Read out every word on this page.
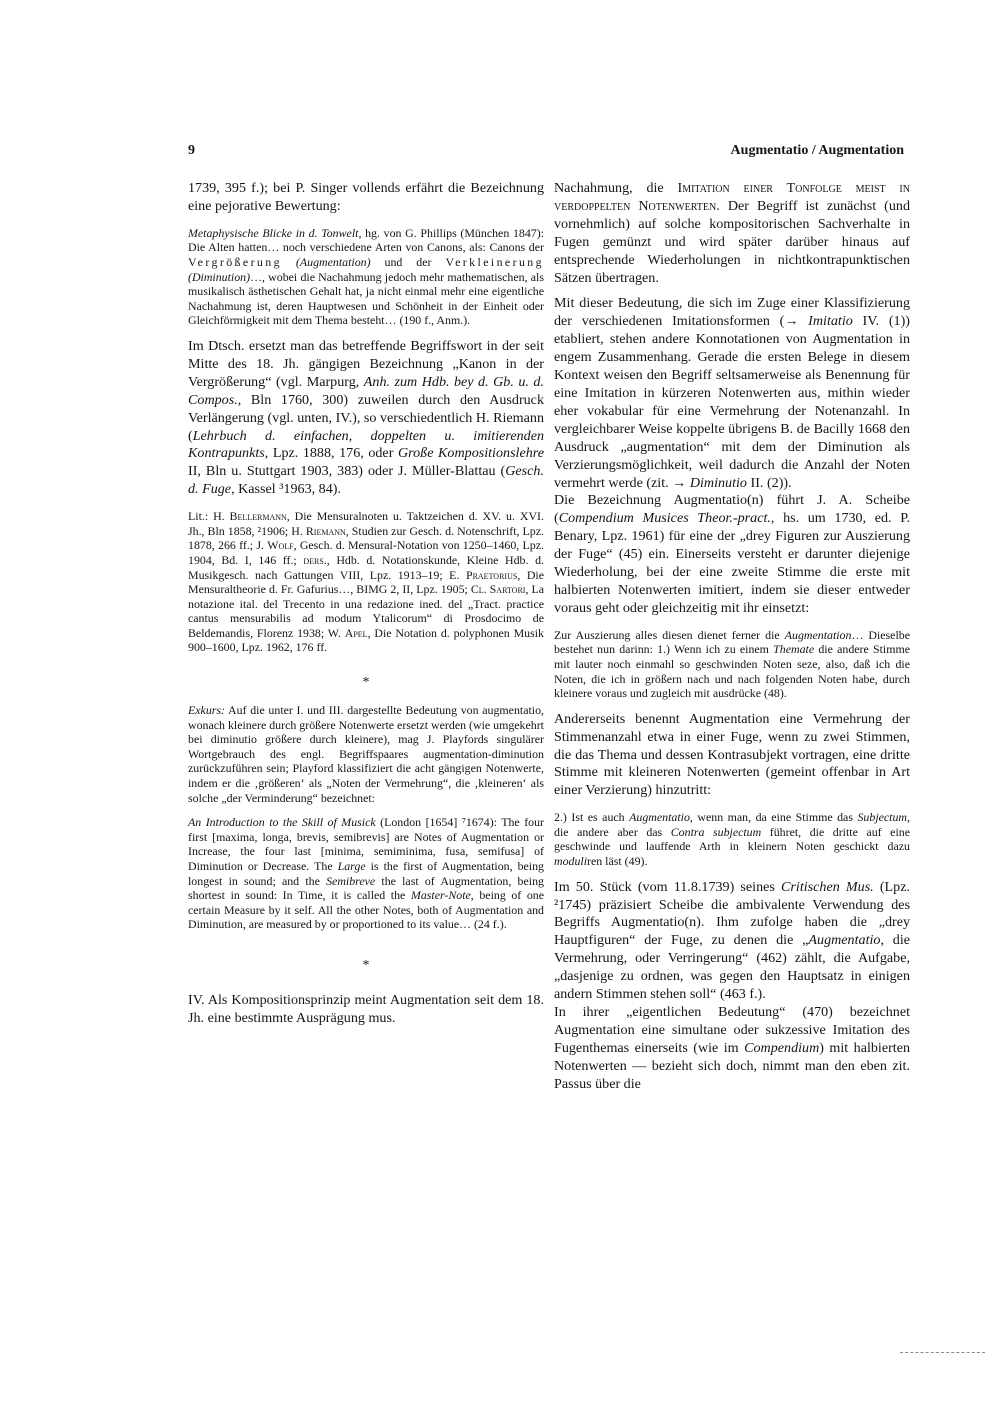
9	Augmentatio / Augmentation

1739, 395 f.); bei P. Singer vollends erfährt die Bezeichnung eine pejorative Bewertung:

Metaphysische Blicke in d. Tonwelt, hg. von G. Phillips (München 1847): Die Alten hatten… noch verschiedene Arten von Canons, als: Canons der Vergrößerung (Augmentation) und der Verkleinerung (Diminution)…, wobei die Nachahmung jedoch mehr mathematischen, als musikalisch ästhetischen Gehalt hat, ja nicht einmal mehr eine eigentliche Nachahmung ist, deren Hauptwesen und Schönheit in der Einheit oder Gleichförmigkeit mit dem Thema besteht… (190 f., Anm.).

Im Dtsch. ersetzt man das betreffende Begriffswort in der seit Mitte des 18. Jh. gängigen Bezeichnung „Kanon in der Vergrößerung“ (vgl. Marpurg, Anh. zum Hdb. bey d. Gb. u. d. Compos., Bln 1760, 300) zuweilen durch den Ausdruck Verlängerung (vgl. unten, IV.), so verschiedentlich H. Riemann (Lehrbuch d. einfachen, doppelten u. imitierenden Kontrapunkts, Lpz. 1888, 176, oder Große Kompositionslehre II, Bln u. Stuttgart 1903, 383) oder J. Müller-Blattau (Gesch. d. Fuge, Kassel ³1963, 84).

Lit.: H. Bellermann, Die Mensuralnoten u. Taktzeichen d. XV. u. XVI. Jh., Bln 1858, ²1906; H. Riemann, Studien zur Gesch. d. Notenschrift, Lpz. 1878, 266 ff.; J. Wolf, Gesch. d. Mensural-Notation von 1250–1460, Lpz. 1904, Bd. I, 146 ff.; ders., Hdb. d. Notationskunde, Kleine Hdb. d. Musikgesch. nach Gattungen VIII, Lpz. 1913–19; E. Praetorius, Die Mensuraltheorie d. Fr. Gafurius…, BIMG 2, II, Lpz. 1905; Cl. Sartori, La notazione ital. del Trecento in una redazione ined. del „Tract. practice cantus mensurabilis ad modum Ytalicorum“ di Prosdocimo de Beldemandis, Florenz 1938; W. Apel, Die Notation d. polyphonen Musik 900–1600, Lpz. 1962, 176 ff.

*

Exkurs: Auf die unter I. und III. dargestellte Bedeutung von augmentatio, wonach kleinere durch größere Notenwerte ersetzt werden (wie umgekehrt bei diminutio größere durch kleinere), mag J. Playfords singulärer Wortgebrauch des engl. Begriffspaares augmentation-diminution zurückzuführen sein; Playford klassifiziert die acht gängigen Notenwerte, indem er die ‚größeren‘ als „Noten der Vermehrung“, die ‚kleineren‘ als solche „der Verminderung“ bezeichnet:

An Introduction to the Skill of Musick (London [1654] ⁷1674): The four first [maxima, longa, brevis, semibrevis] are Notes of Augmentation or Increase, the four last [minima, semiminima, fusa, semifusa] of Diminution or Decrease. The Large is the first of Augmentation, being longest in sound; and the Semibreve the last of Augmentation, being shortest in sound: In Time, it is called the Master-Note, being of one certain Measure by it self. All the other Notes, both of Augmentation and Diminution, are measured by or proportioned to its value… (24 f.).

*

IV. Als Kompositionsprinzip meint Augmentation seit dem 18. Jh. eine bestimmte Ausprägung mus.

Nachahmung, die Imitation einer Tonfolge meist in verdoppelten Notenwerten. Der Begriff ist zunächst (und vornehmlich) auf solche kompositorischen Sachverhalte in Fugen gemünzt und wird später darüber hinaus auf entsprechende Wiederholungen in nichtkontrapunktischen Sätzen übertragen.

Mit dieser Bedeutung, die sich im Zuge einer Klassifizierung der verschiedenen Imitationsformen (→ Imitatio IV. (1)) etabliert, stehen andere Konnotationen von Augmentation in engem Zusammenhang. Gerade die ersten Belege in diesem Kontext weisen den Begriff seltsamerweise als Benennung für eine Imitation in kürzeren Notenwerten aus, mithin wieder eher vokabular für eine Vermehrung der Notenanzahl. In vergleichbarer Weise koppelte übrigens B. de Bacilly 1668 den Ausdruck „augmentation“ mit dem der Diminution als Verzierungsmöglichkeit, weil dadurch die Anzahl der Noten vermehrt werde (zit. → Diminutio II. (2)).

Die Bezeichnung Augmentatio(n) führt J. A. Scheibe (Compendium Musices Theor.-pract., hs. um 1730, ed. P. Benary, Lpz. 1961) für eine der „drey Figuren zur Auszierung der Fuge“ (45) ein. Einerseits versteht er darunter diejenige Wiederholung, bei der eine zweite Stimme die erste mit halbierten Notenwerten imitiert, indem sie dieser entweder voraus geht oder gleichzeitig mit ihr einsetzt:

Zur Auszierung alles diesen dienet ferner die Augmentation… Dieselbe bestehet nun darinn: 1.) Wenn ich zu einem Themate die andere Stimme mit lauter noch einmahl so geschwinden Noten seze, also, daß ich die Noten, die ich in größern nach und nach folgenden Noten habe, durch kleinere voraus und zugleich mit ausdrücke (48).

Andererseits benennt Augmentation eine Vermehrung der Stimmenanzahl etwa in einer Fuge, wenn zu zwei Stimmen, die das Thema und dessen Kontrasubjekt vortragen, eine dritte Stimme mit kleineren Notenwerten (gemeint offenbar in Art einer Verzierung) hinzutritt:

2.) Ist es auch Augmentatio, wenn man, da eine Stimme das Subjectum, die andere aber das Contra subjectum führet, die dritte auf eine geschwinde und lauffende Arth in kleinern Noten geschickt dazu moduliren läst (49).

Im 50. Stück (vom 11.8.1739) seines Critischen Mus. (Lpz. ²1745) präzisiert Scheibe die ambivalente Verwendung des Begriffs Augmentatio(n). Ihm zufolge haben die „drey Hauptfiguren“ der Fuge, zu denen die „Augmentatio, die Vermehrung, oder Verringerung“ (462) zählt, die Aufgabe, „dasjenige zu ordnen, was gegen den Hauptsatz in einigen andern Stimmen stehen soll“ (463 f.).

In ihrer „eigentlichen Bedeutung“ (470) bezeichnet Augmentation eine simultane oder sukzessive Imitation des Fugenthemas einerseits (wie im Compendium) mit halbierten Notenwerten — bezieht sich doch, nimmt man den eben zit. Passus über die
